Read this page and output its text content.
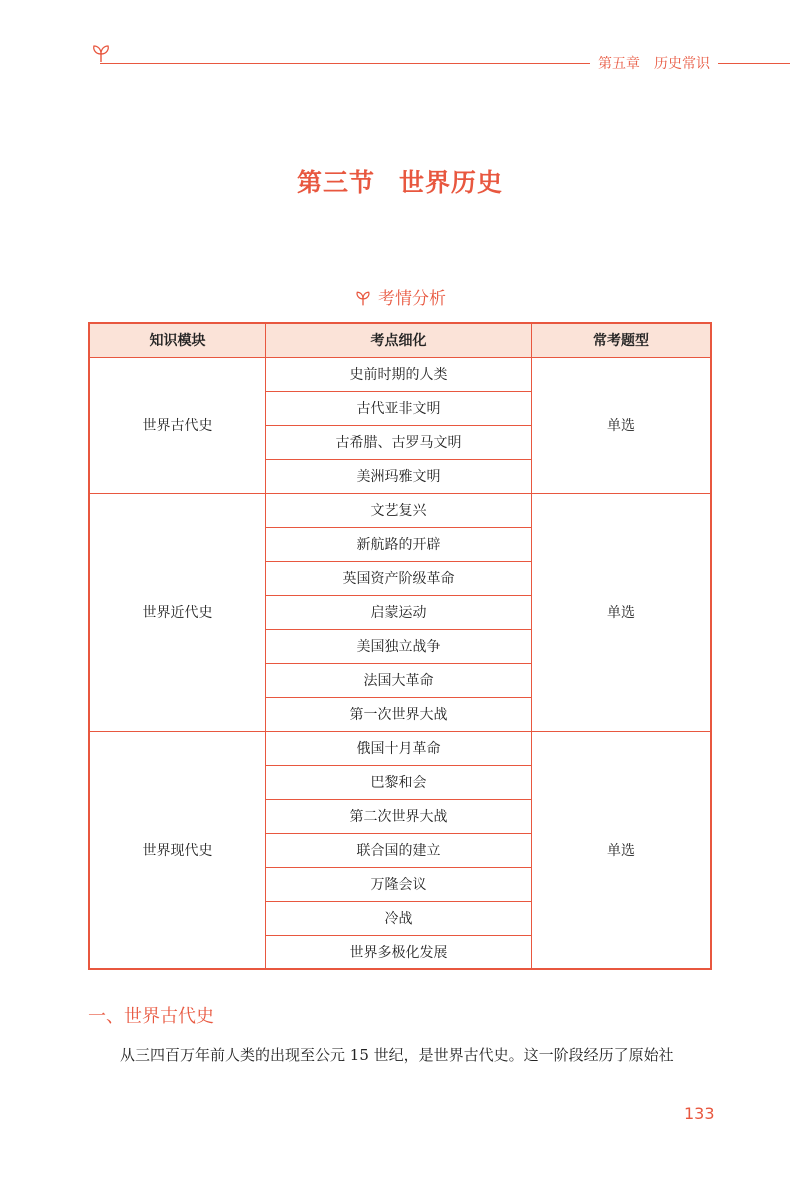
第五章 历史常识
第三节 世界历史
考情分析
知识模块	考点细化	常考题型
世界古代史	史前时期的人类	单选
	古代亚非文明	
	古希腊、古罗马文明	
	美洲玛雅文明	
世界近代史	文艺复兴	单选
	新航路的开辟	
	英国资产阶级革命	
	启蒙运动	
	美国独立战争	
	法国大革命	
	第一次世界大战	
世界现代史	俄国十月革命	单选
	巴黎和会	
	第二次世界大战	
	联合国的建立	
	万隆会议	
	冷战	
	世界多极化发展	
一、世界古代史
从三四百万年前人类的出现至公元 15 世纪，是世界古代史。这一阶段经历了原始社
133
